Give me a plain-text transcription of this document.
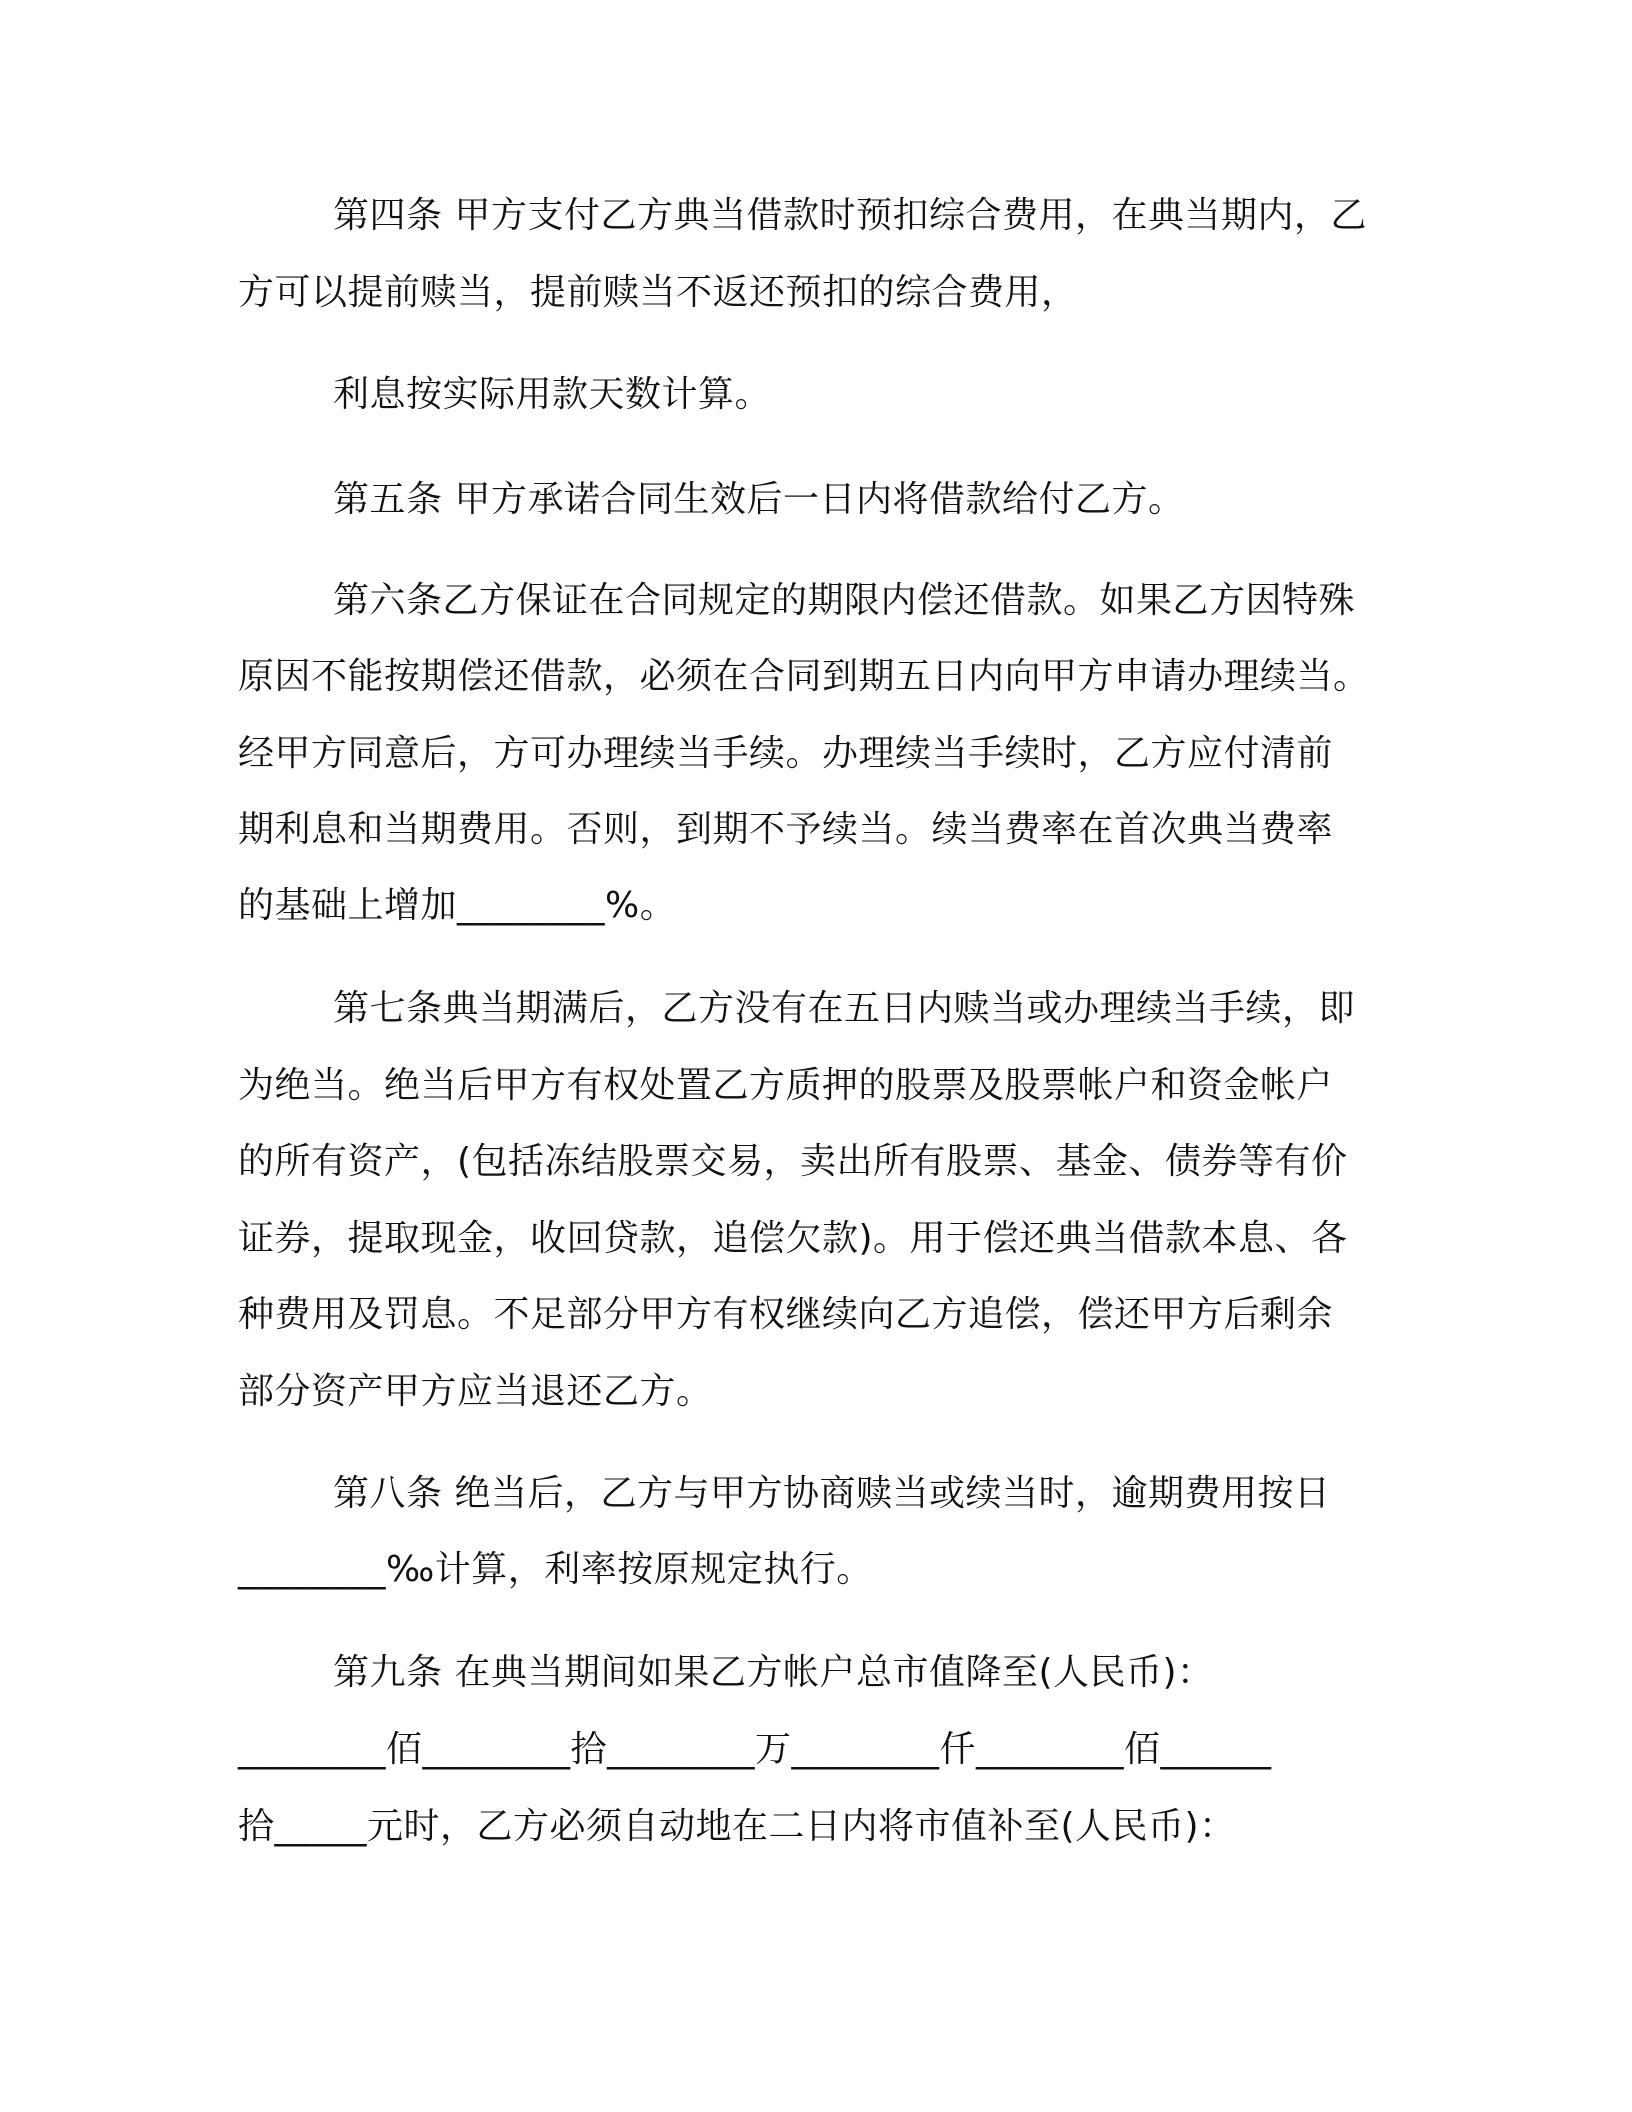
第四条 甲方支付乙方典当借款时预扣综合费用，在典当期内，乙
方可以提前赎当，提前赎当不返还预扣的综合费用，
利息按实际用款天数计算。
第五条 甲方承诺合同生效后一日内将借款给付乙方。
第六条乙方保证在合同规定的期限内偿还借款。如果乙方因特殊
原因不能按期偿还借款，必须在合同到期五日内向甲方申请办理续当。
经甲方同意后，方可办理续当手续。办理续当手续时，乙方应付清前
期利息和当期费用。否则，到期不予续当。续当费率在首次典当费率
的基础上增加________%。
第七条典当期满后，乙方没有在五日内赎当或办理续当手续，即
为绝当。绝当后甲方有权处置乙方质押的股票及股票帐户和资金帐户
的所有资产，(包括冻结股票交易，卖出所有股票、基金、债券等有价
证券，提取现金，收回贷款，追偿欠款)。用于偿还典当借款本息、各
种费用及罚息。不足部分甲方有权继续向乙方追偿，偿还甲方后剩余
部分资产甲方应当退还乙方。
第八条 绝当后，乙方与甲方协商赎当或续当时，逾期费用按日
________‰计算，利率按原规定执行。
第九条 在典当期间如果乙方帐户总市值降至(人民币)：
________佰________拾________万________仟________佰______
拾_____元时，乙方必须自动地在二日内将市值补至(人民币)：
